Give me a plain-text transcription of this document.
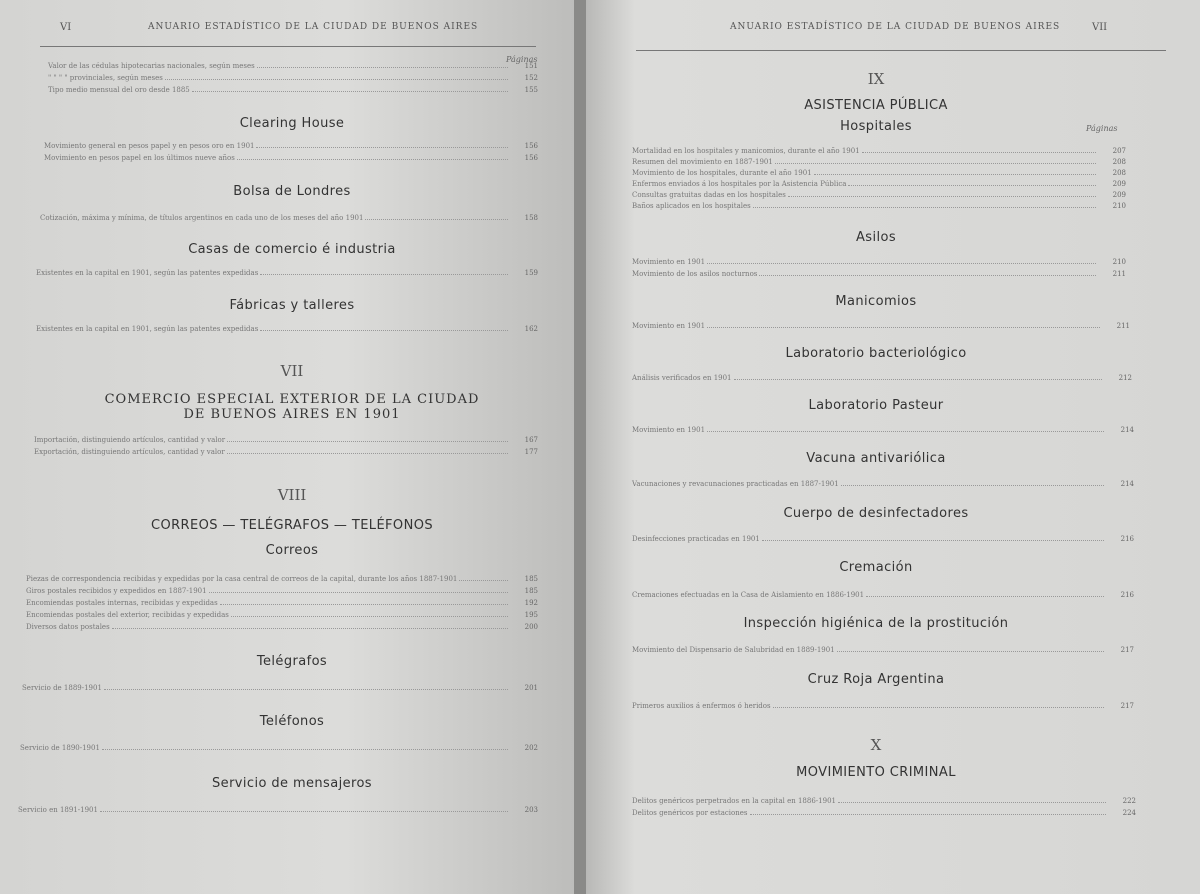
VI	ANUARIO ESTADÍSTICO DE LA CIUDAD DE BUENOS AIRES
Páginas
Valor de las cédulas hipotecarias nacionales, según meses	151
" " " " provinciales, según meses	152
Tipo medio mensual del oro desde 1885	155
Clearing House
Movimiento general en pesos papel y en pesos oro en 1901	156
Movimiento en pesos papel en los últimos nueve años	156
Bolsa de Londres
Cotización, máxima y mínima, de títulos argentinos en cada uno de los meses del año 1901	158
Casas de comercio é industria
Existentes en la capital en 1901, según las patentes expedidas	159
Fábricas y talleres
Existentes en la capital en 1901, según las patentes expedidas	162
VII
COMERCIO ESPECIAL EXTERIOR DE LA CIUDAD
DE BUENOS AIRES EN 1901
Importación, distinguiendo artículos, cantidad y valor	167
Exportación, distinguiendo artículos, cantidad y valor	177
VIII
CORREOS — TELÉGRAFOS — TELÉFONOS
Correos
Piezas de correspondencia recibidas y expedidas por la casa central de correos de la capital, durante los años 1887-1901	185
Giros postales recibidos y expedidos en 1887-1901	185
Encomiendas postales internas, recibidas y expedidas	192
Encomiendas postales del exterior, recibidas y expedidas	195
Diversos datos postales	200
Telégrafos
Servicio de 1889-1901	201
Teléfonos
Servicio de 1890-1901	202
Servicio de mensajeros
Servicio en 1891-1901	203
ANUARIO ESTADÍSTICO DE LA CIUDAD DE BUENOS AIRES	VII
IX
ASISTENCIA PÚBLICA
Hospitales	Páginas
Mortalidad en los hospitales y manicomios, durante el año 1901	207
Resumen del movimiento en 1887-1901	208
Movimiento de los hospitales, durante el año 1901	208
Enfermos enviados á los hospitales por la Asistencia Pública	209
Consultas gratuitas dadas en los hospitales	209
Baños aplicados en los hospitales	210
Asilos
Movimiento en 1901	210
Movimiento de los asilos nocturnos	211
Manicomios
Movimiento en 1901	211
Laboratorio bacteriológico
Análisis verificados en 1901	212
Laboratorio Pasteur
Movimiento en 1901	214
Vacuna antivariólica
Vacunaciones y revacunaciones practicadas en 1887-1901	214
Cuerpo de desinfectadores
Desinfecciones practicadas en 1901	216
Cremación
Cremaciones efectuadas en la Casa de Aislamiento en 1886-1901	216
Inspección higiénica de la prostitución
Movimiento del Dispensario de Salubridad en 1889-1901	217
Cruz Roja Argentina
Primeros auxilios á enfermos ó heridos	217
X
MOVIMIENTO CRIMINAL
Delitos genéricos perpetrados en la capital en 1886-1901	222
Delitos genéricos por estaciones	224
